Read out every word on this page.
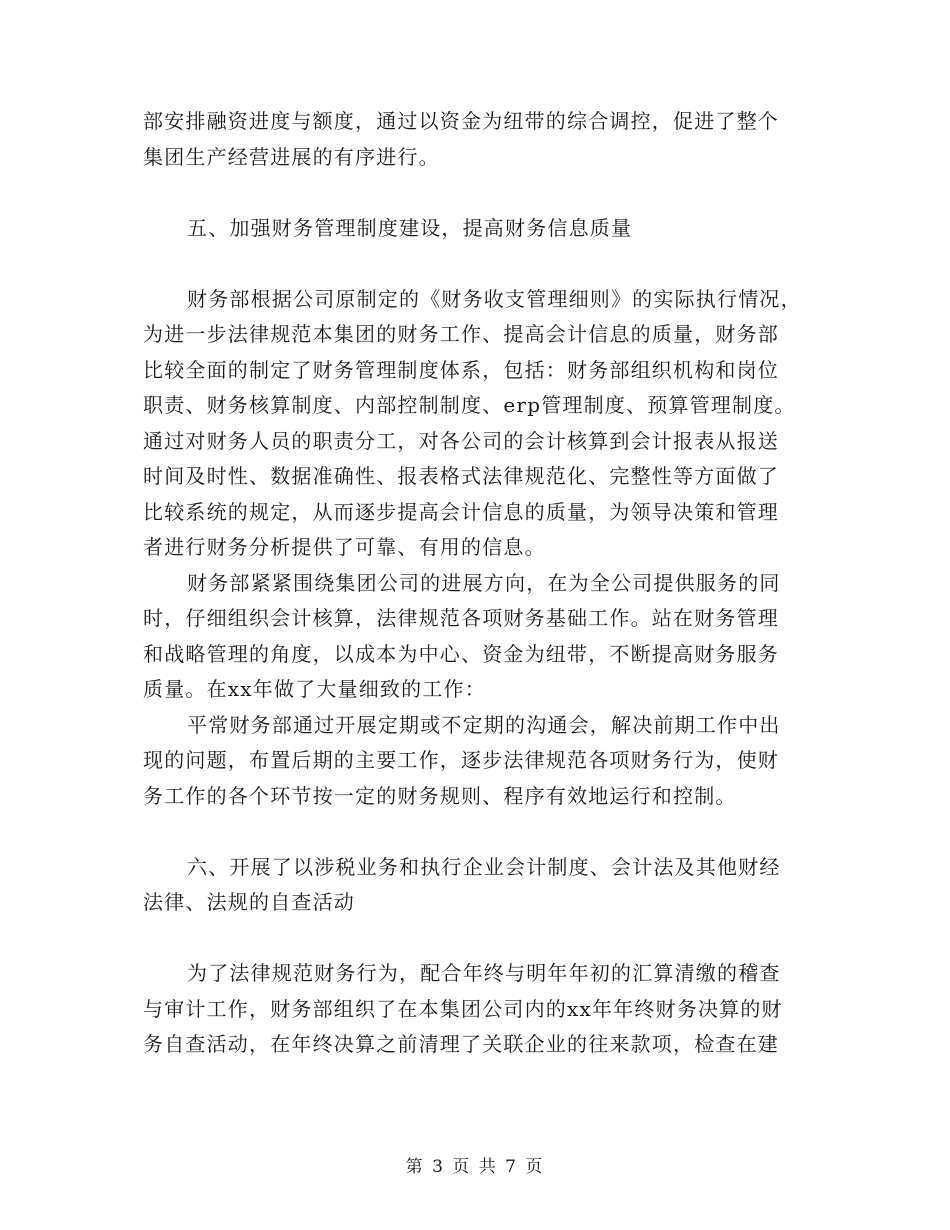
部安排融资进度与额度，通过以资金为纽带的综合调控，促进了整个
集团生产经营进展的有序进行。
五、加强财务管理制度建设，提高财务信息质量
财务部根据公司原制定的《财务收支管理细则》的实际执行情况，
为进一步法律规范本集团的财务工作、提高会计信息的质量，财务部
比较全面的制定了财务管理制度体系，包括：财务部组织机构和岗位
职责、财务核算制度、内部控制制度、erp管理制度、预算管理制度。
通过对财务人员的职责分工，对各公司的会计核算到会计报表从报送
时间及时性、数据准确性、报表格式法律规范化、完整性等方面做了
比较系统的规定，从而逐步提高会计信息的质量，为领导决策和管理
者进行财务分析提供了可靠、有用的信息。
财务部紧紧围绕集团公司的进展方向，在为全公司提供服务的同
时，仔细组织会计核算，法律规范各项财务基础工作。站在财务管理
和战略管理的角度，以成本为中心、资金为纽带，不断提高财务服务
质量。在xx年做了大量细致的工作：
平常财务部通过开展定期或不定期的沟通会，解决前期工作中出
现的问题，布置后期的主要工作，逐步法律规范各项财务行为，使财
务工作的各个环节按一定的财务规则、程序有效地运行和控制。
六、开展了以涉税业务和执行企业会计制度、会计法及其他财经
法律、法规的自查活动
为了法律规范财务行为，配合年终与明年年初的汇算清缴的稽查
与审计工作，财务部组织了在本集团公司内的xx年年终财务决算的财
务自查活动，在年终决算之前清理了关联企业的往来款项，检查在建
第 3 页 共 7 页
